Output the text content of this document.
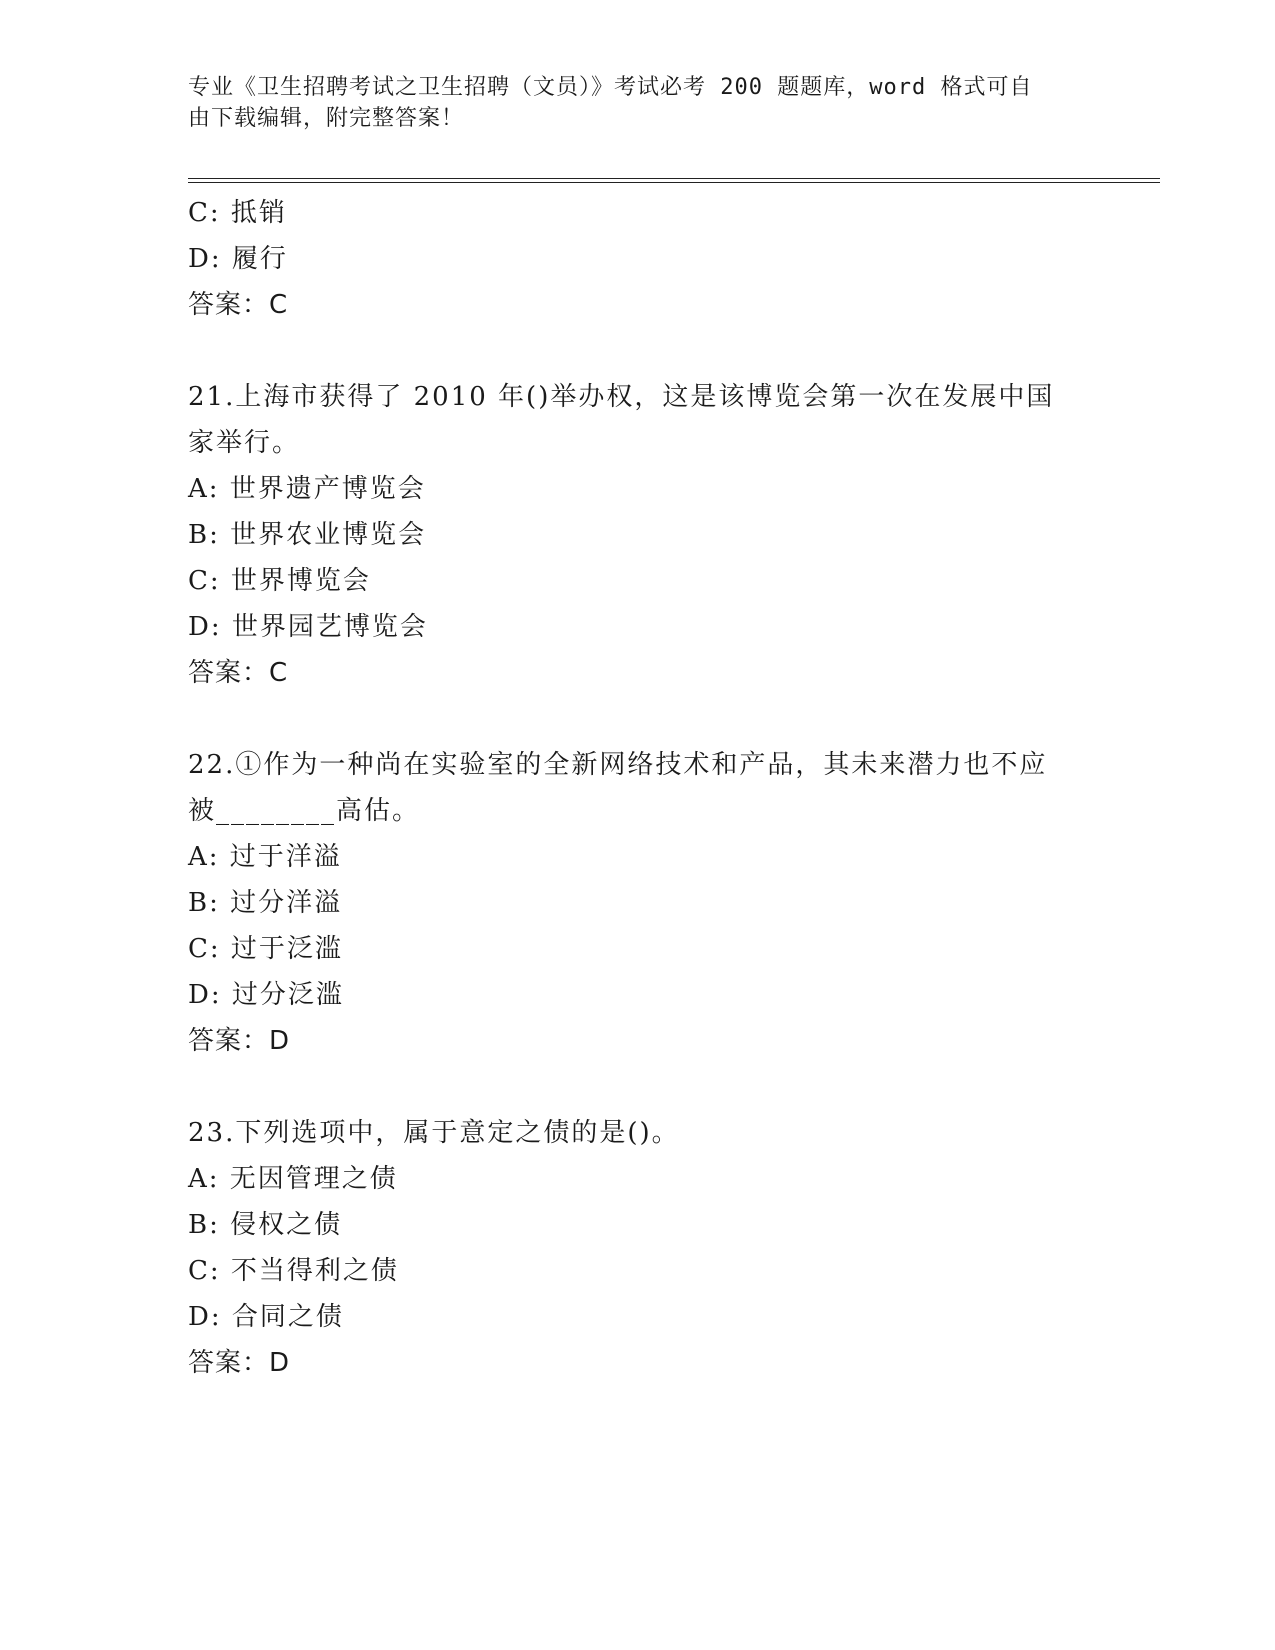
专业《卫生招聘考试之卫生招聘（文员）》考试必考 200 题题库，word 格式可自
由下载编辑，附完整答案！
C: 抵销
D: 履行
答案：C
21.上海市获得了 2010 年()举办权，这是该博览会第一次在发展中国
家举行。
A: 世界遗产博览会
B: 世界农业博览会
C: 世界博览会
D: 世界园艺博览会
答案：C
22.①作为一种尚在实验室的全新网络技术和产品，其未来潜力也不应
被________高估。
A: 过于洋溢
B: 过分洋溢
C: 过于泛滥
D: 过分泛滥
答案：D
23.下列选项中，属于意定之债的是()。
A: 无因管理之债
B: 侵权之债
C: 不当得利之债
D: 合同之债
答案：D
